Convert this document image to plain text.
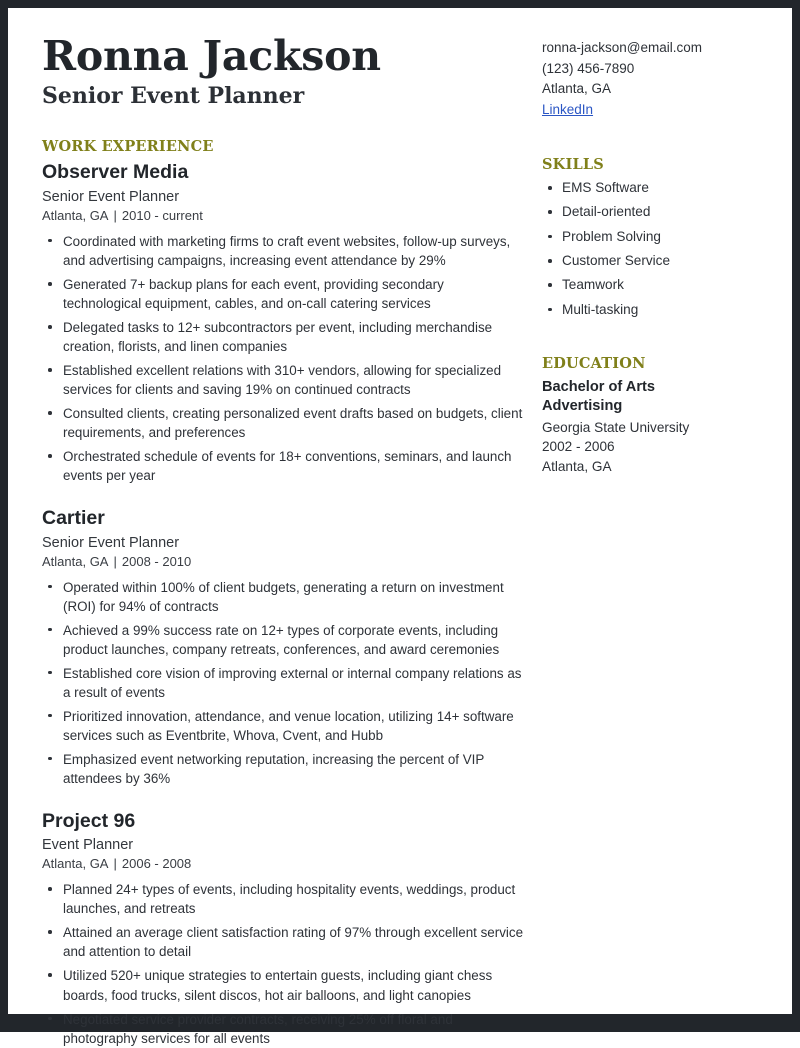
Ronna Jackson
Senior Event Planner
WORK EXPERIENCE
Observer Media
Senior Event Planner
Atlanta, GA | 2010 - current
Coordinated with marketing firms to craft event websites, follow-up surveys, and advertising campaigns, increasing event attendance by 29%
Generated 7+ backup plans for each event, providing secondary technological equipment, cables, and on-call catering services
Delegated tasks to 12+ subcontractors per event, including merchandise creation, florists, and linen companies
Established excellent relations with 310+ vendors, allowing for specialized services for clients and saving 19% on continued contracts
Consulted clients, creating personalized event drafts based on budgets, client requirements, and preferences
Orchestrated schedule of events for 18+ conventions, seminars, and launch events per year
Cartier
Senior Event Planner
Atlanta, GA | 2008 - 2010
Operated within 100% of client budgets, generating a return on investment (ROI) for 94% of contracts
Achieved a 99% success rate on 12+ types of corporate events, including product launches, company retreats, conferences, and award ceremonies
Established core vision of improving external or internal company relations as a result of events
Prioritized innovation, attendance, and venue location, utilizing 14+ software services such as Eventbrite, Whova, Cvent, and Hubb
Emphasized event networking reputation, increasing the percent of VIP attendees by 36%
Project 96
Event Planner
Atlanta, GA | 2006 - 2008
Planned 24+ types of events, including hospitality events, weddings, product launches, and retreats
Attained an average client satisfaction rating of 97% through excellent service and attention to detail
Utilized 520+ unique strategies to entertain guests, including giant chess boards, food trucks, silent discos, hot air balloons, and light canopies
Negotiated service provider contracts, receiving 25% off floral and photography services for all events
ronna-jackson@email.com
(123) 456-7890
Atlanta, GA
LinkedIn
SKILLS
EMS Software
Detail-oriented
Problem Solving
Customer Service
Teamwork
Multi-tasking
EDUCATION
Bachelor of Arts
Advertising
Georgia State University
2002 - 2006
Atlanta, GA
